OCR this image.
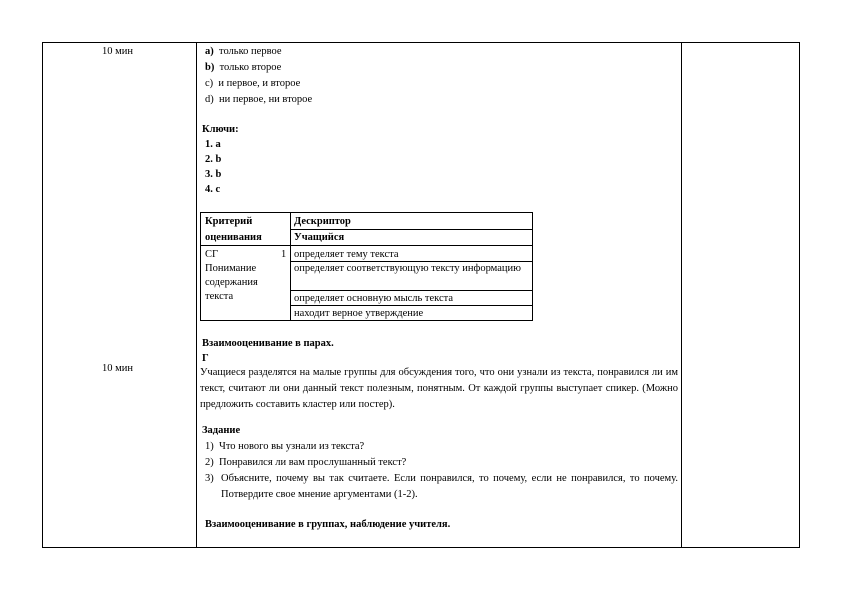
10 мин
10 мин
a) только первое
b) только второе
c) и первое, и второе
d) ни первое, ни второе
Ключи:
1. а
2. b
3. b
4. c
Критерий
оценивания
Дескриптор
Учащийся
СГ	1
Понимание
содержания
текста
определяет тему текста
определяет соответствующую тексту информацию
определяет основную мысль текста
находит верное утверждение
Взаимооценивание в парах.
Г
Учащиеся разделятся на малые группы для обсуждения того, что они узнали из текста, понравился ли им текст, считают ли они данный текст полезным, понятным. От каждой группы выступает спикер. (Можно предложить составить кластер или постер).
Задание
1) Что нового вы узнали из текста?
2) Понравился ли вам прослушанный текст?
3) Объясните, почему вы так считаете. Если понравился, то почему, если не понравился, то почему. Потвердите свое мнение аргументами (1-2).
Взаимооценивание в группах, наблюдение учителя.
